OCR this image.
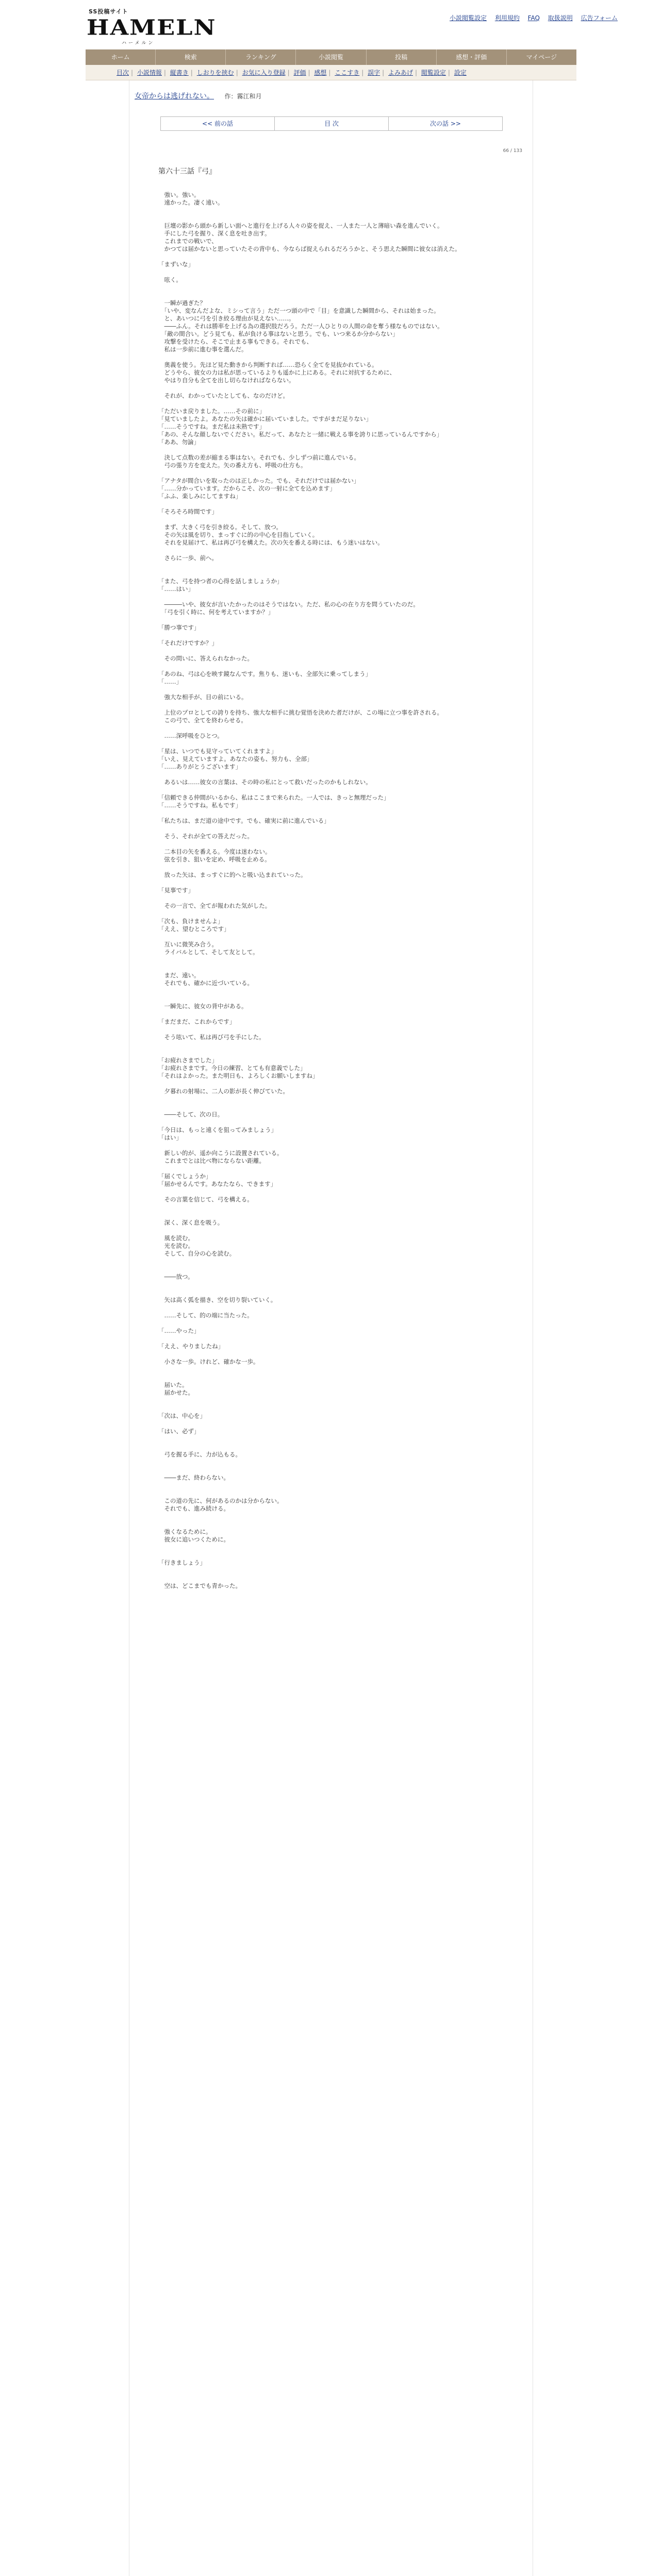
SS投稿サイト
HAMELN
ハーメルン
小説閲覧設定 利用規約 FAQ 取扱説明 広告フォーム
ホーム	検索	ランキング	小説閲覧	投稿	感想・評価	マイページ
目次 | 小説情報 | 縦書き | しおりを挟む | お気に入り登録 | 評価 | 感想 | ここすき | 誤字 | よみあげ | 閲覧設定 | 設定
女帝からは逃げれない。 作：霧江和月
<< 前の話	目 次	次の話 >>
66 / 133
第六十三話『弓』

　強い。強い。

　遠かった。凄く遠い。

　巨壇の影から頭から新しい面へと進行を上げる人々の姿を捉え、一人また一人と薄暗い森を進んでいく。

　手にした弓を握り、深く息を吐き出す。

　これまでの戦いで、

　かつては届かないと思っていたその背中も、今ならば捉えられるだろうかと、そう思えた瞬間に彼女は消えた。

「まずいな」

　呟く。

　一瞬が過ぎた？

　「いや、変なんだよな、ミシって言う」ただ一つ頭の中で「目」を意識した瞬間から、それは始まった。

　と、あいつに弓を引き絞る理由が見えない……。

　――ふん。それは勝率を上げる為の選択肢だろう。ただ一人ひとりの人間の命を奪う様なものではない。

　「敵の間合い。どう見ても、私が負ける事はないと思う。でも、いつ来るか分からない」

　攻撃を受けたら、そこで止まる事もできる。それでも、

　私は一歩前に進む事を選んだ。

　奥義を使う。先ほど見た動きから判断すれば……恐らく全てを見抜かれている。

　どうやら、彼女の力は私が思っているよりも遥かに上にある。それに対抗するために、

　やはり自分も全てを出し切らなければならない。

　それが、わかっていたとしても、なのだけど。

「ただいま戻りました。……その前に」

「見ていましたよ。あなたの矢は確かに届いていました。ですがまだ足りない」

「……そうですね。まだ私は未熟です」

「あの、そんな顔しないでください。私だって、あなたと一緒に戦える事を誇りに思っているんですから」

「ああ、勿論」

　決して点数の差が縮まる事はない。それでも、少しずつ前に進んでいる。

　弓の張り方を変えた。矢の番え方も、呼吸の仕方も。

「アナタが間合いを取ったのは正しかった。でも、それだけでは届かない」

「……分かっています。だからこそ、次の一射に全てを込めます」

「ふふ、楽しみにしてますね」

「そろそろ時間です」

　まず、大きく弓を引き絞る。そして、放つ。

　その矢は風を切り、まっすぐに的の中心を目指していく。

　それを見届けて、私は再び弓を構えた。次の矢を番える時には、もう迷いはない。

　さらに一歩、前へ。

「また、弓を持つ者の心得を話しましょうか」

「……はい」

　―――いや、彼女が言いたかったのはそうではない。ただ、私の心の在り方を問うていたのだ。

　「弓を引く時に、何を考えていますか？」

「勝つ事です」

「それだけですか？」

　その問いに、答えられなかった。

「あのね、弓は心を映す鏡なんです。焦りも、迷いも、全部矢に乗ってしまう」

「……」

　強大な相手が、目の前にいる。

　上位のプロとしての誇りを持ち、強大な相手に挑む覚悟を決めた者だけが、この場に立つ事を許される。

　この弓で、全てを終わらせる。

　……深呼吸をひとつ。

「星は、いつでも見守っていてくれますよ」

「いえ、見えていますよ。あなたの姿も、努力も、全部」

「……ありがとうございます」

　あるいは……彼女の言葉は、その時の私にとって救いだったのかもしれない。

「信頼できる仲間がいるから、私はここまで来られた。一人では、きっと無理だった」

「……そうですね。私もです」

「私たちは、まだ道の途中です。でも、確実に前に進んでいる」

　そう、それが全ての答えだった。

　二本目の矢を番える。今度は迷わない。

　弦を引き、狙いを定め、呼吸を止める。

　放った矢は、まっすぐに的へと吸い込まれていった。

「見事です」

　その一言で、全てが報われた気がした。

「次も、負けませんよ」

「ええ、望むところです」

　互いに微笑み合う。

　ライバルとして、そして友として。

　まだ、遠い。

　それでも、確かに近づいている。

　一瞬先に、彼女の背中がある。

「まだまだ、これからです」

　そう呟いて、私は再び弓を手にした。

「お疲れさまでした」

「お疲れさまです。今日の練習、とても有意義でした」

「それはよかった。また明日も、よろしくお願いしますね」

　夕暮れの射場に、二人の影が長く伸びていた。

　――そして、次の日。

「今日は、もっと遠くを狙ってみましょう」

「はい」

　新しい的が、遥か向こうに設置されている。

　これまでとは比べ物にならない距離。

「届くでしょうか」

「届かせるんです。あなたなら、できます」

　その言葉を信じて、弓を構える。

　深く、深く息を吸う。

　風を読む。

　光を読む。

　そして、自分の心を読む。

　――放つ。

　矢は高く弧を描き、空を切り裂いていく。

　……そして、的の端に当たった。

「……やった」

「ええ、やりましたね」

　小さな一歩。けれど、確かな一歩。

　届いた。

　届かせた。

「次は、中心を」

「はい、必ず」

　弓を握る手に、力が込もる。

　――まだ、終わらない。

　この道の先に、何があるのかは分からない。

　それでも、進み続ける。

　強くなるために。

　彼女に追いつくために。

「行きましょう」

　空は、どこまでも青かった。
